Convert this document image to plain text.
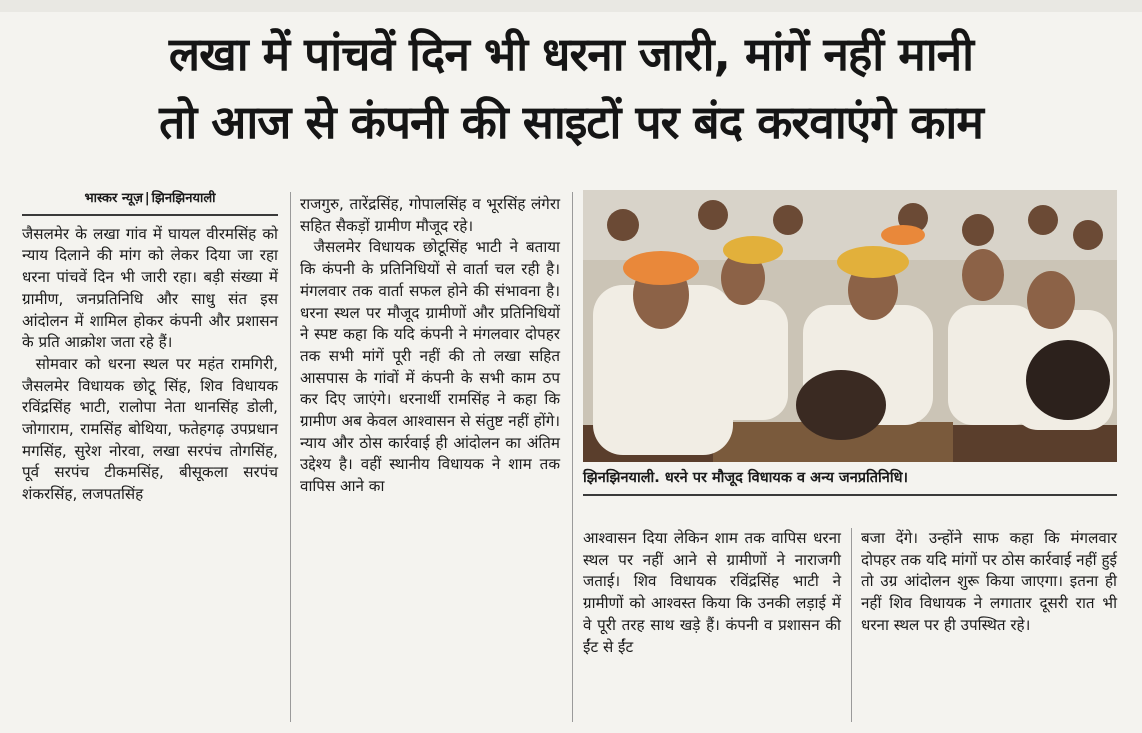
लखा में पांचवें दिन भी धरना जारी, मांगें नहीं मानी
तो आज से कंपनी की साइटों पर बंद करवाएंगे काम
भास्कर न्यूज़ | झिनझिनयाली

जैसलमेर के लखा गांव में घायल वीरमसिंह को न्याय दिलाने की मांग को लेकर दिया जा रहा धरना पांचवें दिन भी जारी रहा। बड़ी संख्या में ग्रामीण, जनप्रतिनिधि और साधु संत इस आंदोलन में शामिल होकर कंपनी और प्रशासन के प्रति आक्रोश जता रहे हैं।

सोमवार को धरना स्थल पर महंत रामगिरी, जैसलमेर विधायक छोटू सिंह, शिव विधायक रविंद्रसिंह भाटी, रालोपा नेता थानसिंह डोली, जोगाराम, रामसिंह बोथिया, फतेहगढ़ उपप्रधान मगसिंह, सुरेश नोरवा, लखा सरपंच तोगसिंह, पूर्व सरपंच टीकमसिंह, बीसूकला सरपंच शंकरसिंह, लजपतसिंह

राजगुरु, तारेंद्रसिंह, गोपालसिंह व भूरसिंह लंगेरा सहित सैकड़ों ग्रामीण मौजूद रहे।

जैसलमेर विधायक छोटूसिंह भाटी ने बताया कि कंपनी के प्रतिनिधियों से वार्ता चल रही है। मंगलवार तक वार्ता सफल होने की संभावना है। धरना स्थल पर मौजूद ग्रामीणों और प्रतिनिधियों ने स्पष्ट कहा कि यदि कंपनी ने मंगलवार दोपहर तक सभी मांगें पूरी नहीं की तो लखा सहित आसपास के गांवों में कंपनी के सभी काम ठप कर दिए जाएंगे। धरनार्थी रामसिंह ने कहा कि ग्रामीण अब केवल आश्वासन से संतुष्ट नहीं होंगे। न्याय और ठोस कार्रवाई ही आंदोलन का अंतिम उद्देश्य है। वहीं स्थानीय विधायक ने शाम तक वापिस आने का	झिनझिनयाली. धरने पर मौजूद विधायक व अन्य जनप्रतिनिधि।

आश्वासन दिया लेकिन शाम तक वापिस धरना स्थल पर नहीं आने से ग्रामीणों ने नाराजगी जताई। शिव विधायक रविंद्रसिंह भाटी ने ग्रामीणों को आश्वस्त किया कि उनकी लड़ाई में वे पूरी तरह साथ खड़े हैं। कंपनी व प्रशासन की ईंट से ईंट

बजा देंगे। उन्होंने साफ कहा कि मंगलवार दोपहर तक यदि मांगों पर ठोस कार्रवाई नहीं हुई तो उग्र आंदोलन शुरू किया जाएगा। इतना ही नहीं शिव विधायक ने लगातार दूसरी रात भी धरना स्थल पर ही उपस्थित रहे।
